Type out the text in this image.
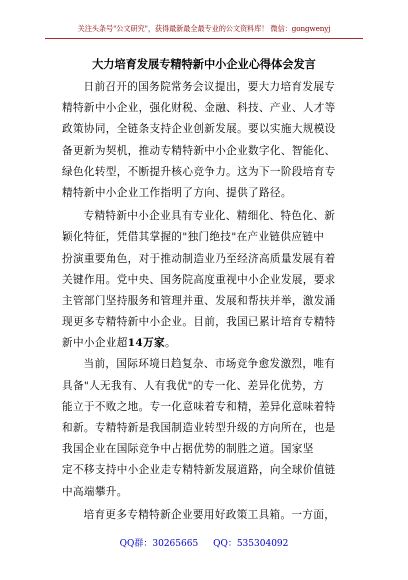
关注头条号"公文研究"，获得最新最全最专业的公文资料库！ 微信：gongwenyj
大力培育发展专精特新中小企业心得体会发言
日前召开的国务院常务会议提出，要大力培育发展专
精特新中小企业，强化财税、金融、科技、产业、人才等
政策协同，全链条支持企业创新发展。要以实施大规模设
备更新为契机，推动专精特新中小企业数字化、智能化、
绿色化转型，不断提升核心竞争力。这为下一阶段培育专
精特新中小企业工作指明了方向、提供了路径。
专精特新中小企业具有专业化、精细化、特色化、新
颖化特征，凭借其掌握的"独门绝技"在产业链供应链中
扮演重要角色，对于推动制造业乃至经济高质量发展有着
关键作用。党中央、国务院高度重视中小企业发展，要求
主管部门坚持服务和管理并重、发展和帮扶并举，激发涌
现更多专精特新中小企业。目前，我国已累计培育专精特
新中小企业超14万家。
当前，国际环境日趋复杂、市场竞争愈发激烈，唯有
具备"人无我有、人有我优"的专一化、差异化优势，方
能立于不败之地。专一化意味着专和精，差异化意味着特
和新。专精特新是我国制造业转型升级的方向所在，也是
我国企业在国际竞争中占据优势的制胜之道。国家坚
定不移支持中小企业走专精特新发展道路，向全球价值链
中高端攀升。
培育更多专精特新企业要用好政策工具箱。一方面，
QQ群：30265665 QQ：535304092
